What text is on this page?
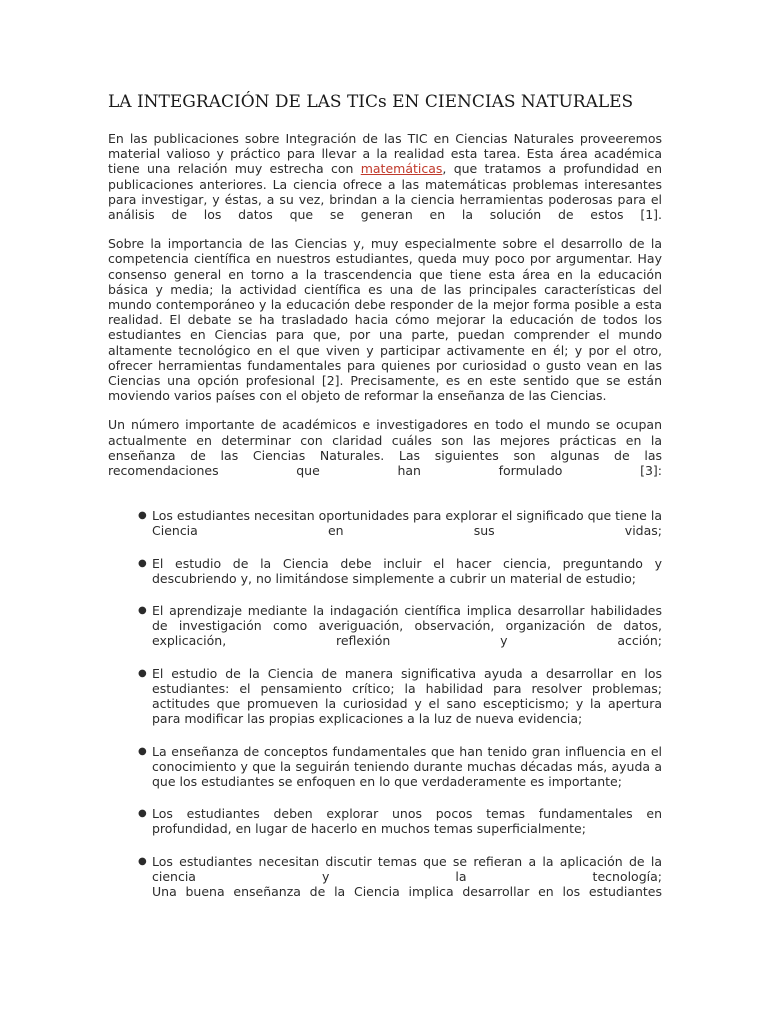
LA INTEGRACIÓN DE LAS TICs EN CIENCIAS NATURALES

En las publicaciones sobre Integración de las TIC en Ciencias Naturales proveeremos material valioso y práctico para llevar a la realidad esta tarea. Esta área académica tiene una relación muy estrecha con matemáticas, que tratamos a profundidad en publicaciones anteriores. La ciencia ofrece a las matemáticas problemas interesantes para investigar, y éstas, a su vez, brindan a la ciencia herramientas poderosas para el análisis de los datos que se generan en la solución de estos [1].

Sobre la importancia de las Ciencias y, muy especialmente sobre el desarrollo de la competencia científica en nuestros estudiantes, queda muy poco por argumentar. Hay consenso general en torno a la trascendencia que tiene esta área en la educación básica y media; la actividad científica es una de las principales características del mundo contemporáneo y la educación debe responder de la mejor forma posible a esta realidad. El debate se ha trasladado hacia cómo mejorar la educación de todos los estudiantes en Ciencias para que, por una parte, puedan comprender el mundo altamente tecnológico en el que viven y participar activamente en él; y por el otro, ofrecer herramientas fundamentales para quienes por curiosidad o gusto vean en las Ciencias una opción profesional [2]. Precisamente, es en este sentido que se están moviendo varios países con el objeto de reformar la enseñanza de las Ciencias.

Un número importante de académicos e investigadores en todo el mundo se ocupan actualmente en determinar con claridad cuáles son las mejores prácticas en la enseñanza de las Ciencias Naturales. Las siguientes son algunas de las recomendaciones que han formulado [3]:

● Los estudiantes necesitan oportunidades para explorar el significado que tiene la Ciencia en sus vidas;
● El estudio de la Ciencia debe incluir el hacer ciencia, preguntando y descubriendo y, no limitándose simplemente a cubrir un material de estudio;
● El aprendizaje mediante la indagación científica implica desarrollar habilidades de investigación como averiguación, observación, organización de datos, explicación, reflexión y acción;
● El estudio de la Ciencia de manera significativa ayuda a desarrollar en los estudiantes: el pensamiento crítico; la habilidad para resolver problemas; actitudes que promueven la curiosidad y el sano escepticismo; y la apertura para modificar las propias explicaciones a la luz de nueva evidencia;
● La enseñanza de conceptos fundamentales que han tenido gran influencia en el conocimiento y que la seguirán teniendo durante muchas décadas más, ayuda a que los estudiantes se enfoquen en lo que verdaderamente es importante;
● Los estudiantes deben explorar unos pocos temas fundamentales en profundidad, en lugar de hacerlo en muchos temas superficialmente;
● Los estudiantes necesitan discutir temas que se refieran a la aplicación de la ciencia y la tecnología;
Una buena enseñanza de la Ciencia implica desarrollar en los estudiantes
